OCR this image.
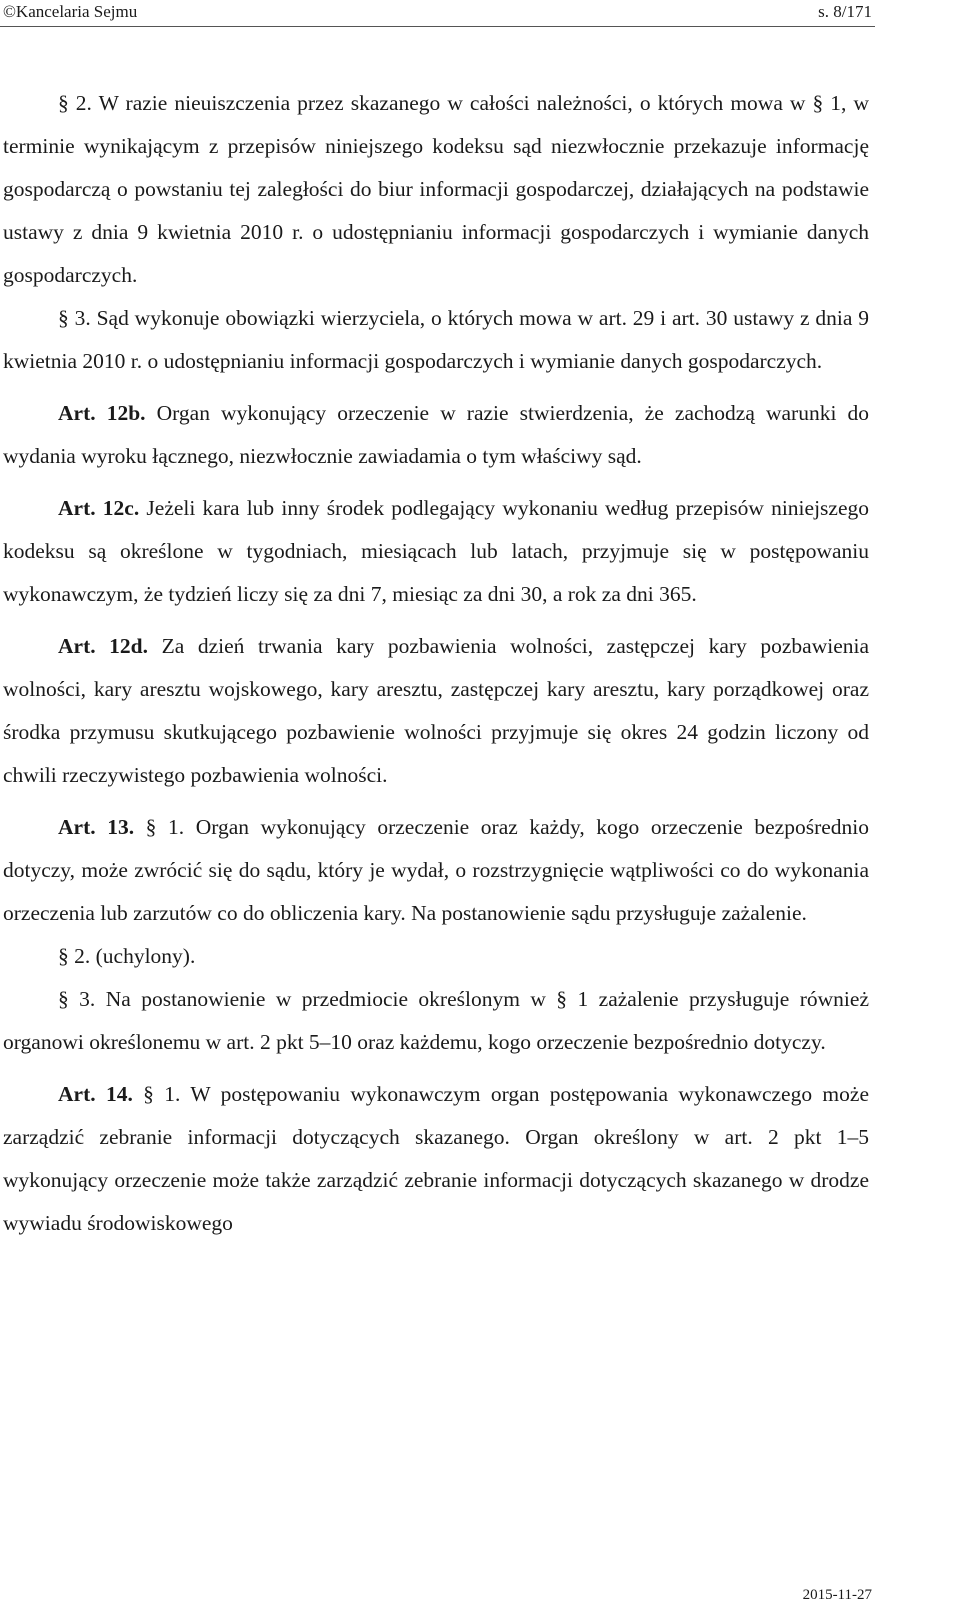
©Kancelaria Sejmu	s. 8/171

§ 2. W razie nieuiszczenia przez skazanego w całości należności, o których mowa w § 1, w terminie wynikającym z przepisów niniejszego kodeksu sąd niezwłocznie przekazuje informację gospodarczą o powstaniu tej zaległości do biur informacji gospodarczej, działających na podstawie ustawy z dnia 9 kwietnia 2010 r. o udostępnianiu informacji gospodarczych i wymianie danych gospodarczych.

§ 3. Sąd wykonuje obowiązki wierzyciela, o których mowa w art. 29 i art. 30 ustawy z dnia 9 kwietnia 2010 r. o udostępnianiu informacji gospodarczych i wymianie danych gospodarczych.

Art. 12b. Organ wykonujący orzeczenie w razie stwierdzenia, że zachodzą warunki do wydania wyroku łącznego, niezwłocznie zawiadamia o tym właściwy sąd.

Art. 12c. Jeżeli kara lub inny środek podlegający wykonaniu według przepisów niniejszego kodeksu są określone w tygodniach, miesiącach lub latach, przyjmuje się w postępowaniu wykonawczym, że tydzień liczy się za dni 7, miesiąc za dni 30, a rok za dni 365.

Art. 12d. Za dzień trwania kary pozbawienia wolności, zastępczej kary pozbawienia wolności, kary aresztu wojskowego, kary aresztu, zastępczej kary aresztu, kary porządkowej oraz środka przymusu skutkującego pozbawienie wolności przyjmuje się okres 24 godzin liczony od chwili rzeczywistego pozbawienia wolności.

Art. 13. § 1. Organ wykonujący orzeczenie oraz każdy, kogo orzeczenie bezpośrednio dotyczy, może zwrócić się do sądu, który je wydał, o rozstrzygnięcie wątpliwości co do wykonania orzeczenia lub zarzutów co do obliczenia kary. Na postanowienie sądu przysługuje zażalenie.

§ 2. (uchylony).

§ 3. Na postanowienie w przedmiocie określonym w § 1 zażalenie przysługuje również organowi określonemu w art. 2 pkt 5–10 oraz każdemu, kogo orzeczenie bezpośrednio dotyczy.

Art. 14. § 1. W postępowaniu wykonawczym organ postępowania wykonawczego może zarządzić zebranie informacji dotyczących skazanego. Organ określony w art. 2 pkt 1–5 wykonujący orzeczenie może także zarządzić zebranie informacji dotyczących skazanego w drodze wywiadu środowiskowego

2015-11-27
